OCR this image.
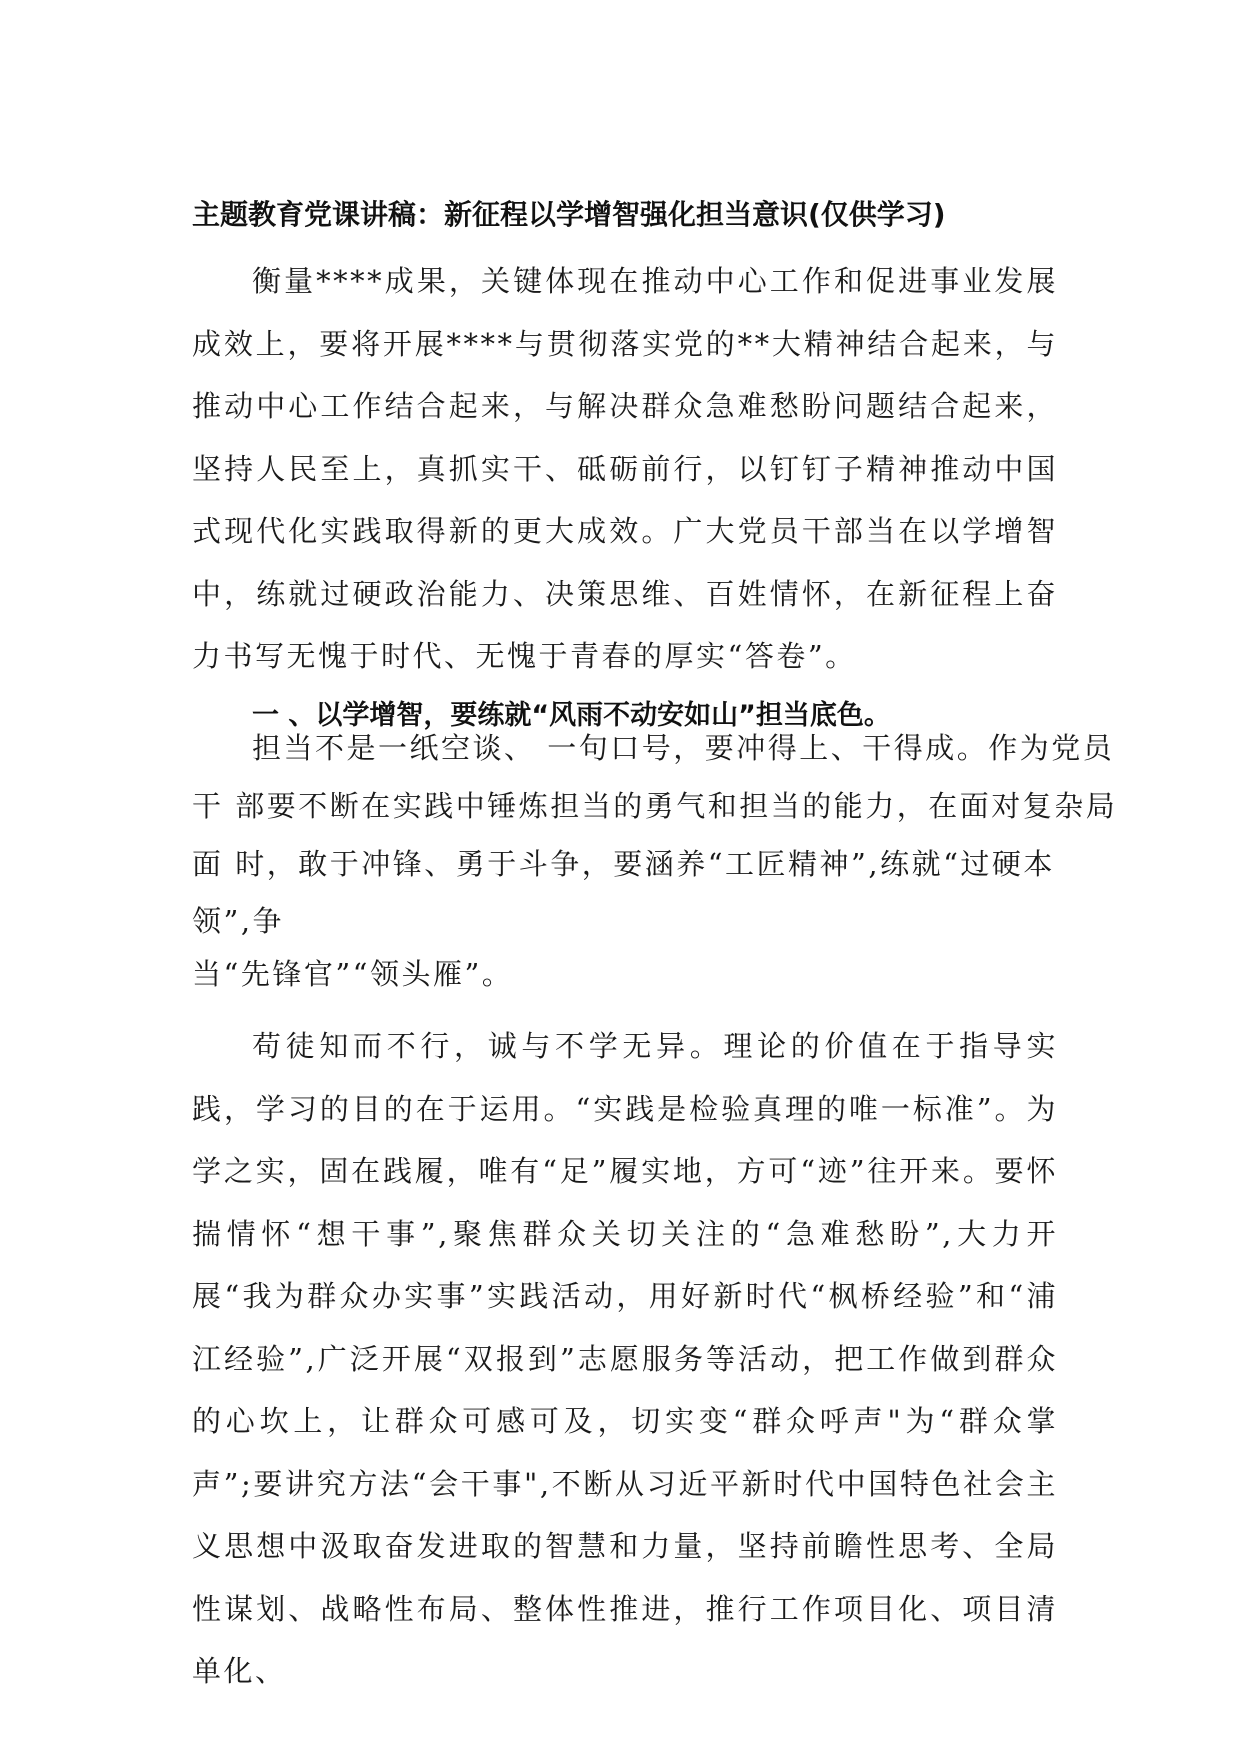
主题教育党课讲稿：新征程以学增智强化担当意识(仅供学习)

衡量****成果，关键体现在推动中心工作和促进事业发展成效上，要将开展****与贯彻落实党的**大精神结合起来，与推动中心工作结合起来，与解决群众急难愁盼问题结合起来，坚持人民至上，真抓实干、砥砺前行，以钉钉子精神推动中国式现代化实践取得新的更大成效。广大党员干部当在以学增智中，练就过硬政治能力、决策思维、百姓情怀，在新征程上奋力书写无愧于时代、无愧于青春的厚实“答卷”。

一 、以学增智，要练就“风雨不动安如山”担当底色。

担当不是一纸空谈、 一句口号，要冲得上、干得成。作为党员

干 部要不断在实践中锤炼担当的勇气和担当的能力，在面对复杂局

面 时，敢于冲锋、勇于斗争，要涵养“工匠精神”,练就“过硬本

领”,争

当“先锋官”“领头雁”。

苟徒知而不行，诚与不学无异。理论的价值在于指导实践，学习的目的在于运用。“实践是检验真理的唯一标准”。为学之实，固在践履，唯有“足”履实地，方可“迹”往开来。要怀揣情怀“想干事”,聚焦群众关切关注的“急难愁盼”,大力开展“我为群众办实事”实践活动，用好新时代“枫桥经验”和“浦江经验”,广泛开展“双报到”志愿服务等活动，把工作做到群众的心坎上，让群众可感可及，切实变“群众呼声"为“群众掌声”;要讲究方法“会干事",不断从习近平新时代中国特色社会主义思想中汲取奋发进取的智慧和力量，坚持前瞻性思考、全局性谋划、战略性布局、整体性推进，推行工作项目化、项目清单化、
